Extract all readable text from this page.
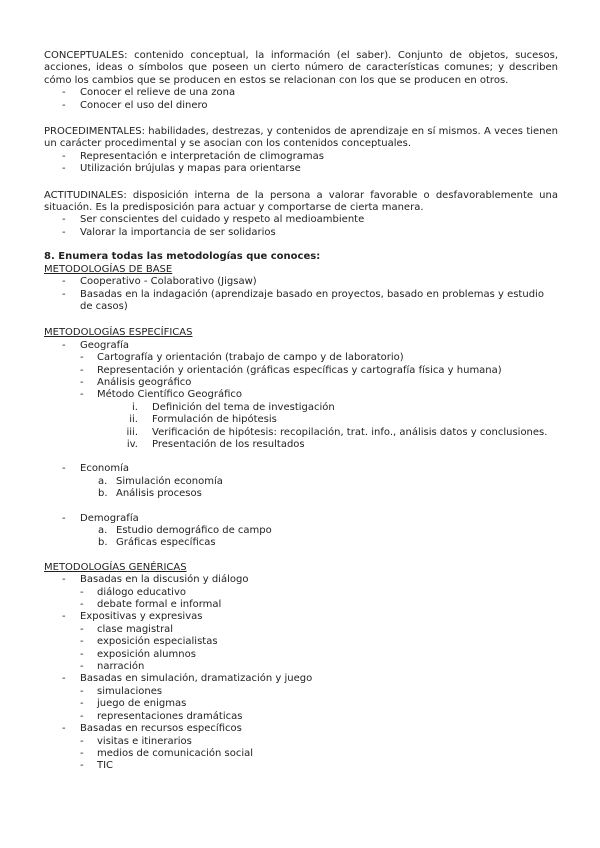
CONCEPTUALES: contenido conceptual, la información (el saber). Conjunto de objetos, sucesos, acciones, ideas o símbolos que poseen un cierto número de características comunes; y describen cómo los cambios que se producen en estos se relacionan con los que se producen en otros.

- Conocer el relieve de una zona
- Conocer el uso del dinero

PROCEDIMENTALES: habilidades, destrezas, y contenidos de aprendizaje en sí mismos. A veces tienen un carácter procedimental y se asocian con los contenidos conceptuales.

- Representación e interpretación de climogramas
- Utilización brújulas y mapas para orientarse

ACTITUDINALES: disposición interna de la persona a valorar favorable o desfavorablemente una situación. Es la predisposición para actuar y comportarse de cierta manera.

- Ser conscientes del cuidado y respeto al medioambiente
- Valorar la importancia de ser solidarios
8. Enumera todas las metodologías que conoces:
METODOLOGÍAS DE BASE
- Cooperativo - Colaborativo (Jigsaw)
- Basadas en la indagación (aprendizaje basado en proyectos, basado en problemas y estudio de casos)
METODOLOGÍAS ESPECÍFICAS
- Geografía
- Cartografía y orientación (trabajo de campo y de laboratorio)
- Representación y orientación (gráficas específicas y cartografía física y humana)
- Análisis geográfico
- Método Científico Geográfico
i. Definición del tema de investigación
ii. Formulación de hipótesis
iii. Verificación de hipótesis: recopilación, trat. info., análisis datos y conclusiones.
iv. Presentación de los resultados
- Economía
a. Simulación economía
b. Análisis procesos
- Demografía
a. Estudio demográfico de campo
b. Gráficas específicas
METODOLOGÍAS GENÉRICAS
- Basadas en la discusión y diálogo
- diálogo educativo
- debate formal e informal
- Expositivas y expresivas
- clase magistral
- exposición especialistas
- exposición alumnos
- narración
- Basadas en simulación, dramatización y juego
- simulaciones
- juego de enigmas
- representaciones dramáticas
- Basadas en recursos específicos
- visitas e itinerarios
- medios de comunicación social
- TIC
